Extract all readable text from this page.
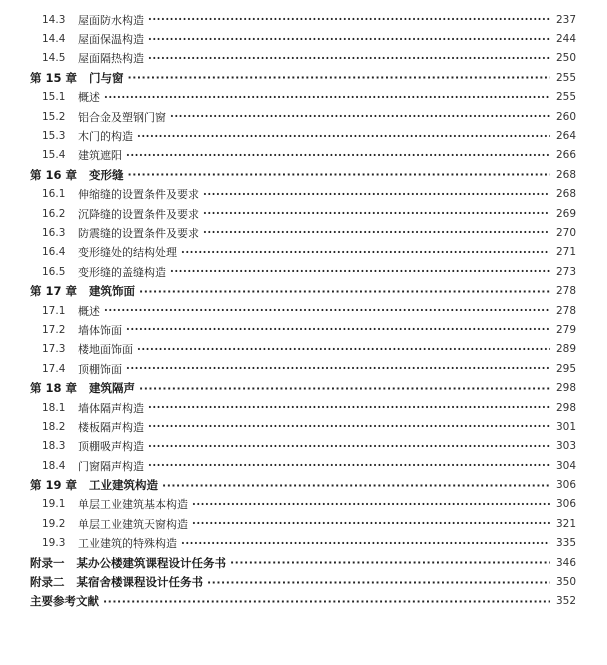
14.3	屋面防水构造 ·····	237
14.4	屋面保温构造 ·····	244
14.5	屋面隔热构造 ·····	250
第 15 章	门与窗 ·····	255
15.1	概述 ·····	255
15.2	铝合金及塑钢门窗 ·····	260
15.3	木门的构造 ·····	264
15.4	建筑遮阳 ·····	266
第 16 章	变形缝 ·····	268
16.1	伸缩缝的设置条件及要求 ·····	268
16.2	沉降缝的设置条件及要求 ·····	269
16.3	防震缝的设置条件及要求 ·····	270
16.4	变形缝处的结构处理 ·····	271
16.5	变形缝的盖缝构造 ·····	273
第 17 章	建筑饰面 ·····	278
17.1	概述 ·····	278
17.2	墙体饰面 ·····	279
17.3	楼地面饰面 ·····	289
17.4	顶棚饰面 ·····	295
第 18 章	建筑隔声 ·····	298
18.1	墙体隔声构造 ·····	298
18.2	楼板隔声构造 ·····	301
18.3	顶棚吸声构造 ·····	303
18.4	门窗隔声构造 ·····	304
第 19 章	工业建筑构造 ·····	306
19.1	单层工业建筑基本构造 ·····	306
19.2	单层工业建筑天窗构造 ·····	321
19.3	工业建筑的特殊构造 ·····	335
附录一	某办公楼建筑课程设计任务书 ·····	346
附录二	某宿舍楼课程设计任务书 ·····	350
主要参考文献 ·····	352
